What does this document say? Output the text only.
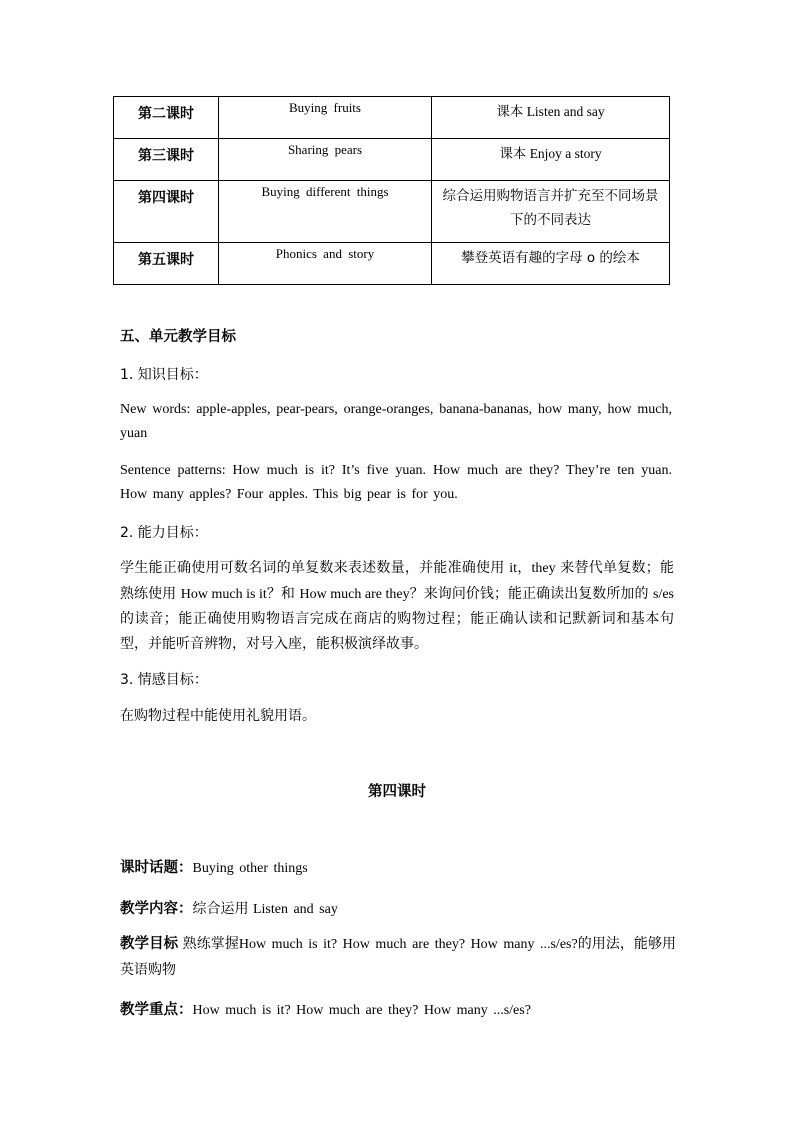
第二课时	Buying fruits	课本 Listen and say
第三课时	Sharing pears	课本 Enjoy a story
第四课时	Buying different things	综合运用购物语言并扩充至不同场景下的不同表达
第五课时	Phonics and story	攀登英语有趣的字母 o 的绘本
五、单元教学目标
1. 知识目标：
New words: apple-apples, pear-pears, orange-oranges, banana-bananas, how many, how much, yuan
Sentence patterns: How much is it? It’s five yuan. How much are they? They’re ten yuan. How many apples? Four apples. This big pear is for you.
2. 能力目标：
学生能正确使用可数名词的单复数来表述数量，并能准确使用 it，they 来替代单复数；能熟练使用 How much is it？和 How much are they？来询问价钱；能正确读出复数所加的 s/es 的读音；能正确使用购物语言完成在商店的购物过程；能正确认读和记默新词和基本句型，并能听音辨物，对号入座，能积极演绎故事。
3. 情感目标：
在购物过程中能使用礼貌用语。
第四课时
课时话题：Buying other things
教学内容：综合运用 Listen and say
教学目标 熟练掌握How much is it? How much are they? How many ...s/es?的用法，能够用英语购物
教学重点：How much is it? How much are they? How many ...s/es?
